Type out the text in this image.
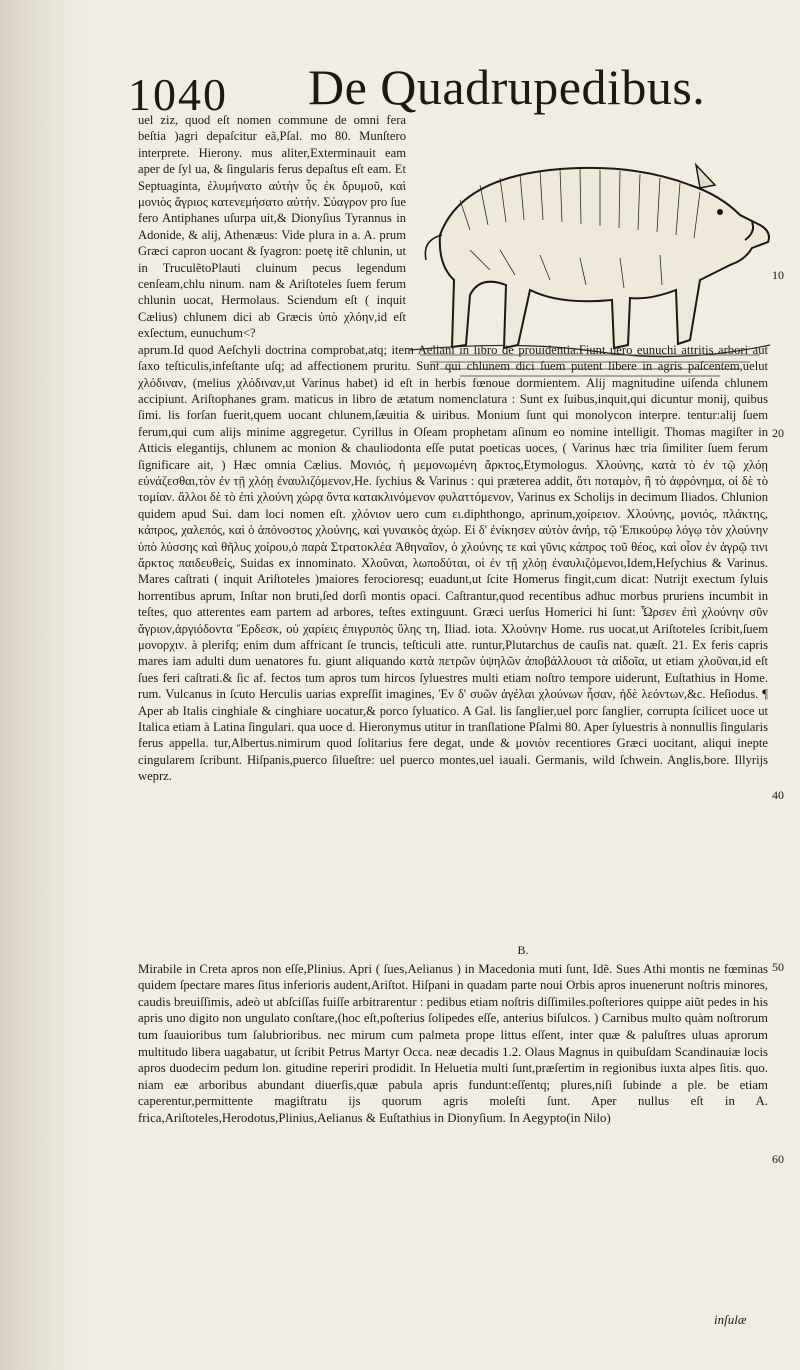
1040 De Quadrupedibus.

uel ziz, quod eſt nomen commune de omni fera beſtia )agri depaſcitur eã,Pſal. mo 80. Munſtero interprete. Hierony. mus aliter,Exterminauit eam aper de ſyl ua, & ſingularis ferus depaſtus eſt eam. Et Septuaginta, ἐλυμήνατο αὐτὴν ὗς ἐκ δρυμοῦ, καὶ μονιὸς ἄγριος κατενεμήσατο αὐτήν. Σύαγρον pro ſue fero Antiphanes uſurpa uit,& Dionyſius Tyrannus in Adonide, & alij, Athenæus: Vide plura in a. A. prum Græci capron uocant & ſyagron: poetę itẽ chlunin, ut in TruculẽtoPlauti cluinum pecus legendum cenſeam,chlu ninum. nam & Ariſtoteles ſuem ferum chlunin uocat, Hermolaus. Sciendum eſt ( inquit Cælius) chlunem dici ab Græcis ὑπὸ χλόην,id eſt exſectum, eunuchum<?

aprum.Id quod Aeſchyli doctrina comprobat,atq; item Aeliani in libro de prouidentia.Fiunt uero eunuchi attritis arbori aut ſaxo teſticulis,infeſtante uſq; ad affectionem pruritu. Sunt qui chlunem dici ſuem putent libere in agris paſcentem,uelut χλόδιναν, (melius χλόδιναν,ut Varinus habet) id eſt in herbis fœnoue dormientem. Alij magnitudine uiſenda chlunem accipiunt. Ariſtophanes gram. maticus in libro de ætatum nomenclatura : Sunt ex ſuibus,inquit,qui dicuntur monij, quibus ſimi. lis forſan fuerit,quem uocant chlunem,ſæuitia & uiribus. Monium ſunt qui monolycon interpre. tentur:alij ſuem ferum,qui cum alijs minime aggregetur. Cyrillus in Oſeam prophetam aſinum eo nomine intelligit. Thomas magiſter in Atticis elegantijs, chlunem ac monion & chauliodonta eſſe putat poeticas uoces, ( Varinus hæc tria ſimiliter ſuem ferum ſignificare ait, ) Hæc omnia Cælius. Μονιός, ἡ μεμονωμένη ἄρκτος,Etymologus. Χλούνης, κατὰ τὸ ἐν τῷ χλόῃ εὐνάζεσθαι,τὸν ἐν τῇ χλόῃ ἐναυλιζόμενον,He. ſychius & Varinus : qui præterea addit, ὅτι ποταμὸν, ἢ τὸ ἀφρόνημα, οἱ δὲ τὸ τομίαν. ἄλλοι δὲ τὸ ἐπὶ χλούνη χώρᾳ ὄντα κατακλινόμενον φυλαττόμενον, Varinus ex Scholijs in decimum Iliados. Chlunion quidem apud Sui. dam loci nomen eſt. χλόνιον uero cum ει.diphthongo, aprinum,χοίρειον. Χλούνης, μονιός, πλάκτης, κάπρος, χαλεπός, καὶ ὁ ἀπόνοστος χλούνης, καὶ γυναικὸς ἀχώρ. Εἰ δ' ἐνίκησεν αὐτὸν ἀνήρ, τῷ Ἐπικούρῳ λόγῳ τὸν χλούνην ὑπὸ λύσσης καὶ θῆλυς χοίρου,ὁ παρὰ Στρατοκλέα Ἀθηναῖον, ὁ χλούνης τε καὶ γῦνις κάπρος τοῦ θέος, καὶ οἷον ἐν ἀγρῷ τινι ἄρκτος παιδευθείς, Suidas ex innominato. Χλοῦναι, λωποδύται, οἱ ἐν τῇ χλόῃ ἐναυλιζόμενοι,Idem,Heſychius & Varinus. Mares caſtrati ( inquit Ariſtoteles )maiores ferocioresq; euadunt,ut ſcite Homerus fingit,cum dicat: Nutrijt exectum ſyluis horrentibus aprum, Inſtar non bruti,ſed dorſi montis opaci. Caſtrantur,quod recentibus adhuc morbus pruriens incumbit in teſtes, quo atterentes eam partem ad arbores, teſtes extinguunt. Græci uerſus Homerici hi ſunt: Ὦρσεν ἐπὶ χλούνην σῦν ἄγριον,ἀργιόδοντα Ἔρδεσκ, οὐ χαρίεις ἐπιγρυπὸς ὕλης τη, Iliad. iota. Χλούνην Home. rus uocat,ut Ariſtoteles ſcribit,ſuem μονορχιν. à plerifq; enim dum affricant ſe truncis, teſticuli atte. runtur,Plutarchus de cauſis nat. quæſt. 21. Ex feris capris mares iam adulti dum uenatores fu. giunt aliquando κατὰ πετρῶν ὑψηλῶν ἀποβάλλουσι τὰ αἰδοῖα, ut etiam χλοῦναι,id eſt ſues feri caſtrati.& ſic af. fectos tum apros tum hircos ſyluestres multi etiam noſtro tempore uiderunt, Euſtathius in Home. rum. Vulcanus in ſcuto Herculis uarias expreſſit imagines, Ἐν δ' συῶν ἀγέλαι χλούνων ἦσαν, ἠδὲ λεόντων,&c. Heſiodus. ¶ Aper ab Italis cinghiale & cinghiare uocatur,& porco ſyluatico. A Gal. lis ſanglier,uel porc ſanglier, corrupta ſcilicet uoce ut Italica etiam à Latina ſingulari. qua uoce d. Hieronymus utitur in tranſlatione Pſalmi 80. Aper ſyluestris à nonnullis ſingularis ferus appella. tur,Albertus.nimirum quod ſolitarius fere degat, unde & μονιὸν recentiores Græci uocitant, aliqui inepte cingularem ſcribunt. Hiſpanis,puerco ſilueſtre: uel puerco montes,uel iauali. Germanis, wild ſchwein. Anglis,bore. Illyrijs weprz.

B.

Mirabile in Creta apros non eſſe,Plinius. Apri ( ſues,Aelianus ) in Macedonia muti ſunt, Idẽ. Sues Athi montis ne fœminas quidem ſpectare mares ſitus inferioris audent,Ariſtot. Hiſpani in quadam parte noui Orbis apros inuenerunt noſtris minores, caudis breuiſſimis, adeò ut abſciſſas fuiſſe arbitrarentur : pedibus etiam noſtris diſſimiles.poſteriores quippe aiũt pedes in his apris uno digito non ungulato conſtare,(hoc eſt,poſterius ſolipedes eſſe, anterius biſulcos. ) Carnibus multo quàm noſtrorum tum ſuauioribus tum ſalubrioribus. nec mirum cum palmeta prope littus eſſent, inter quæ & paluſtres uluas aprorum multitudo libera uagabatur, ut ſcribit Petrus Martyr Occa. neæ decadis 1.2. Olaus Magnus in quibuſdam Scandinauiæ locis apros duodecim pedum lon. gitudine reperiri prodidit. In Heluetia multi ſunt,præſertim in regionibus iuxta alpes ſitis. quo. niam eæ arboribus abundant diuerſis,quæ pabula apris fundunt:eſſentq; plures,niſi ſubinde a ple. be etiam caperentur,permittente magiſtratu ijs quorum agris moleſti ſunt. Aper nullus eſt in A. frica,Ariſtoteles,Herodotus,Plinius,Aelianus & Euſtathius in Dionyſium. In Aegypto(in Nilo)

10
20
40
50
60
inſulæ
